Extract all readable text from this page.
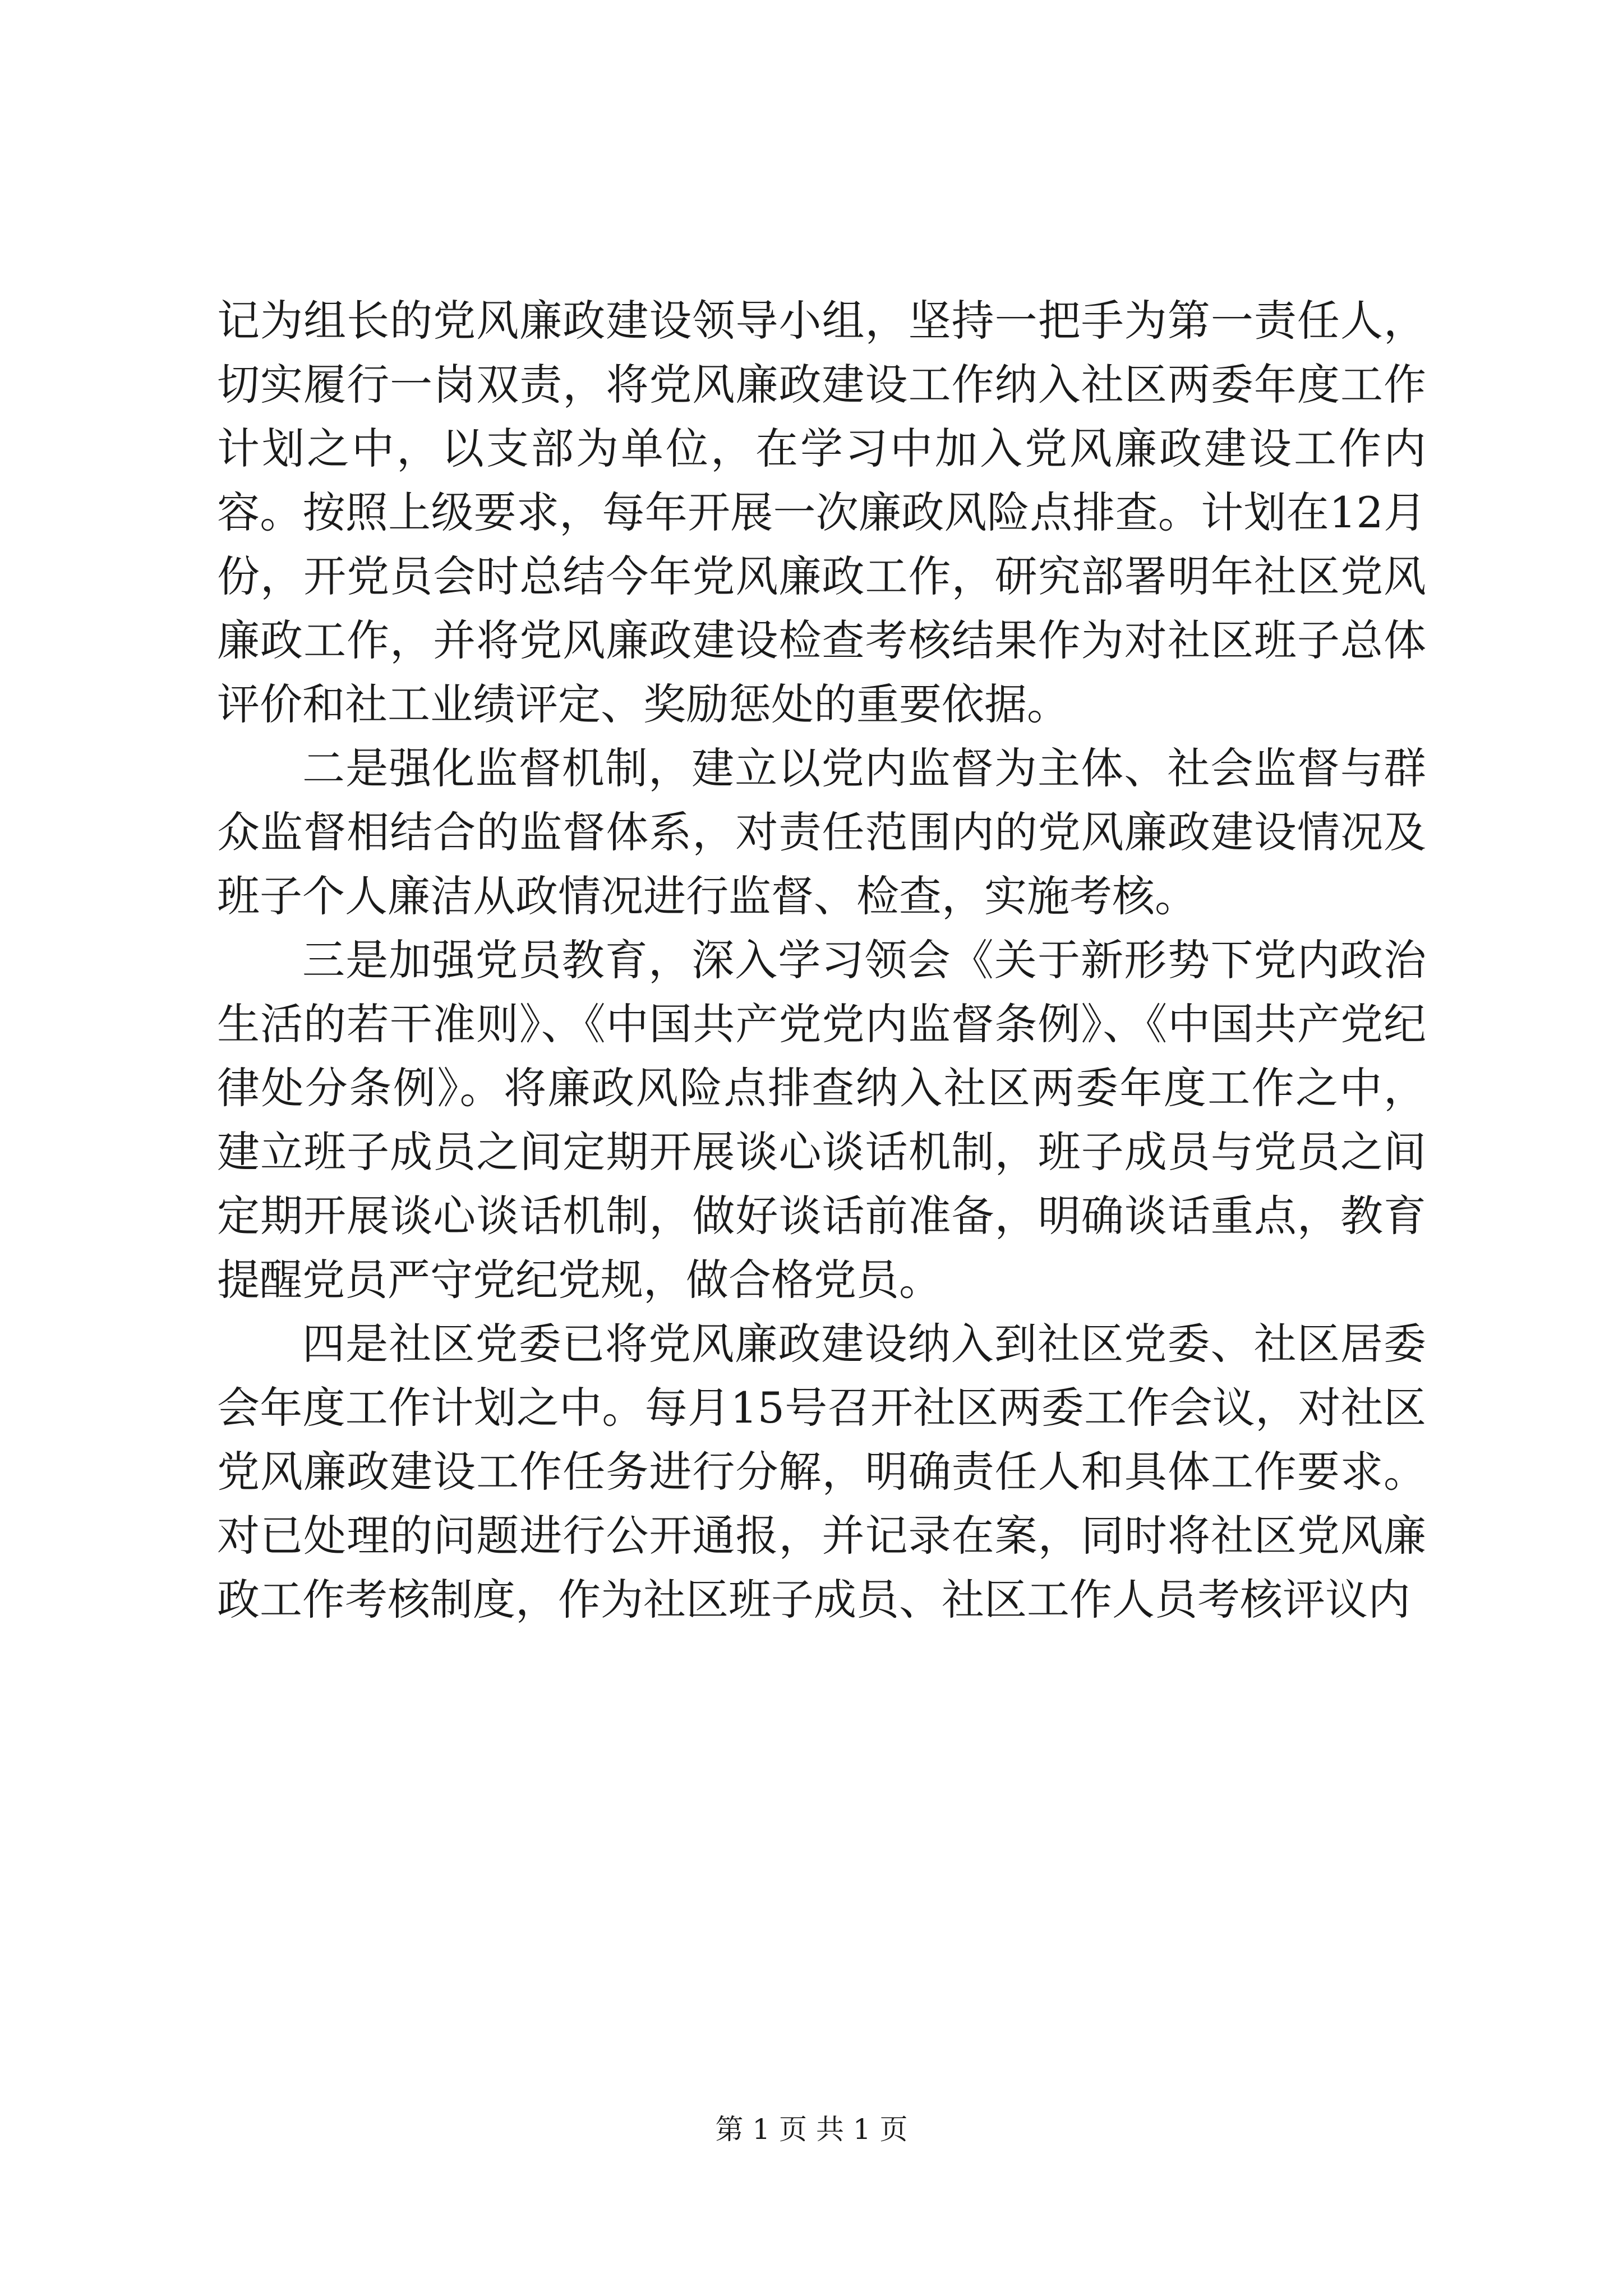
记为组长的党风廉政建设领导小组，坚持一把手为第一责任人，切实履行一岗双责，将党风廉政建设工作纳入社区两委年度工作计划之中，以支部为单位，在学习中加入党风廉政建设工作内容。按照上级要求，每年开展一次廉政风险点排查。计划在12月份，开党员会时总结今年党风廉政工作，研究部署明年社区党风廉政工作，并将党风廉政建设检查考核结果作为对社区班子总体评价和社工业绩评定、奖励惩处的重要依据。

二是强化监督机制，建立以党内监督为主体、社会监督与群众监督相结合的监督体系，对责任范围内的党风廉政建设情况及班子个人廉洁从政情况进行监督、检查，实施考核。

三是加强党员教育，深入学习领会《关于新形势下党内政治生活的若干准则》、《中国共产党党内监督条例》、《中国共产党纪律处分条例》。将廉政风险点排查纳入社区两委年度工作之中，建立班子成员之间定期开展谈心谈话机制，班子成员与党员之间定期开展谈心谈话机制，做好谈话前准备，明确谈话重点，教育提醒党员严守党纪党规，做合格党员。

四是社区党委已将党风廉政建设纳入到社区党委、社区居委会年度工作计划之中。每月15号召开社区两委工作会议，对社区党风廉政建设工作任务进行分解，明确责任人和具体工作要求。对已处理的问题进行公开通报，并记录在案，同时将社区党风廉政工作考核制度，作为社区班子成员、社区工作人员考核评议内

第 1 页 共 1 页
